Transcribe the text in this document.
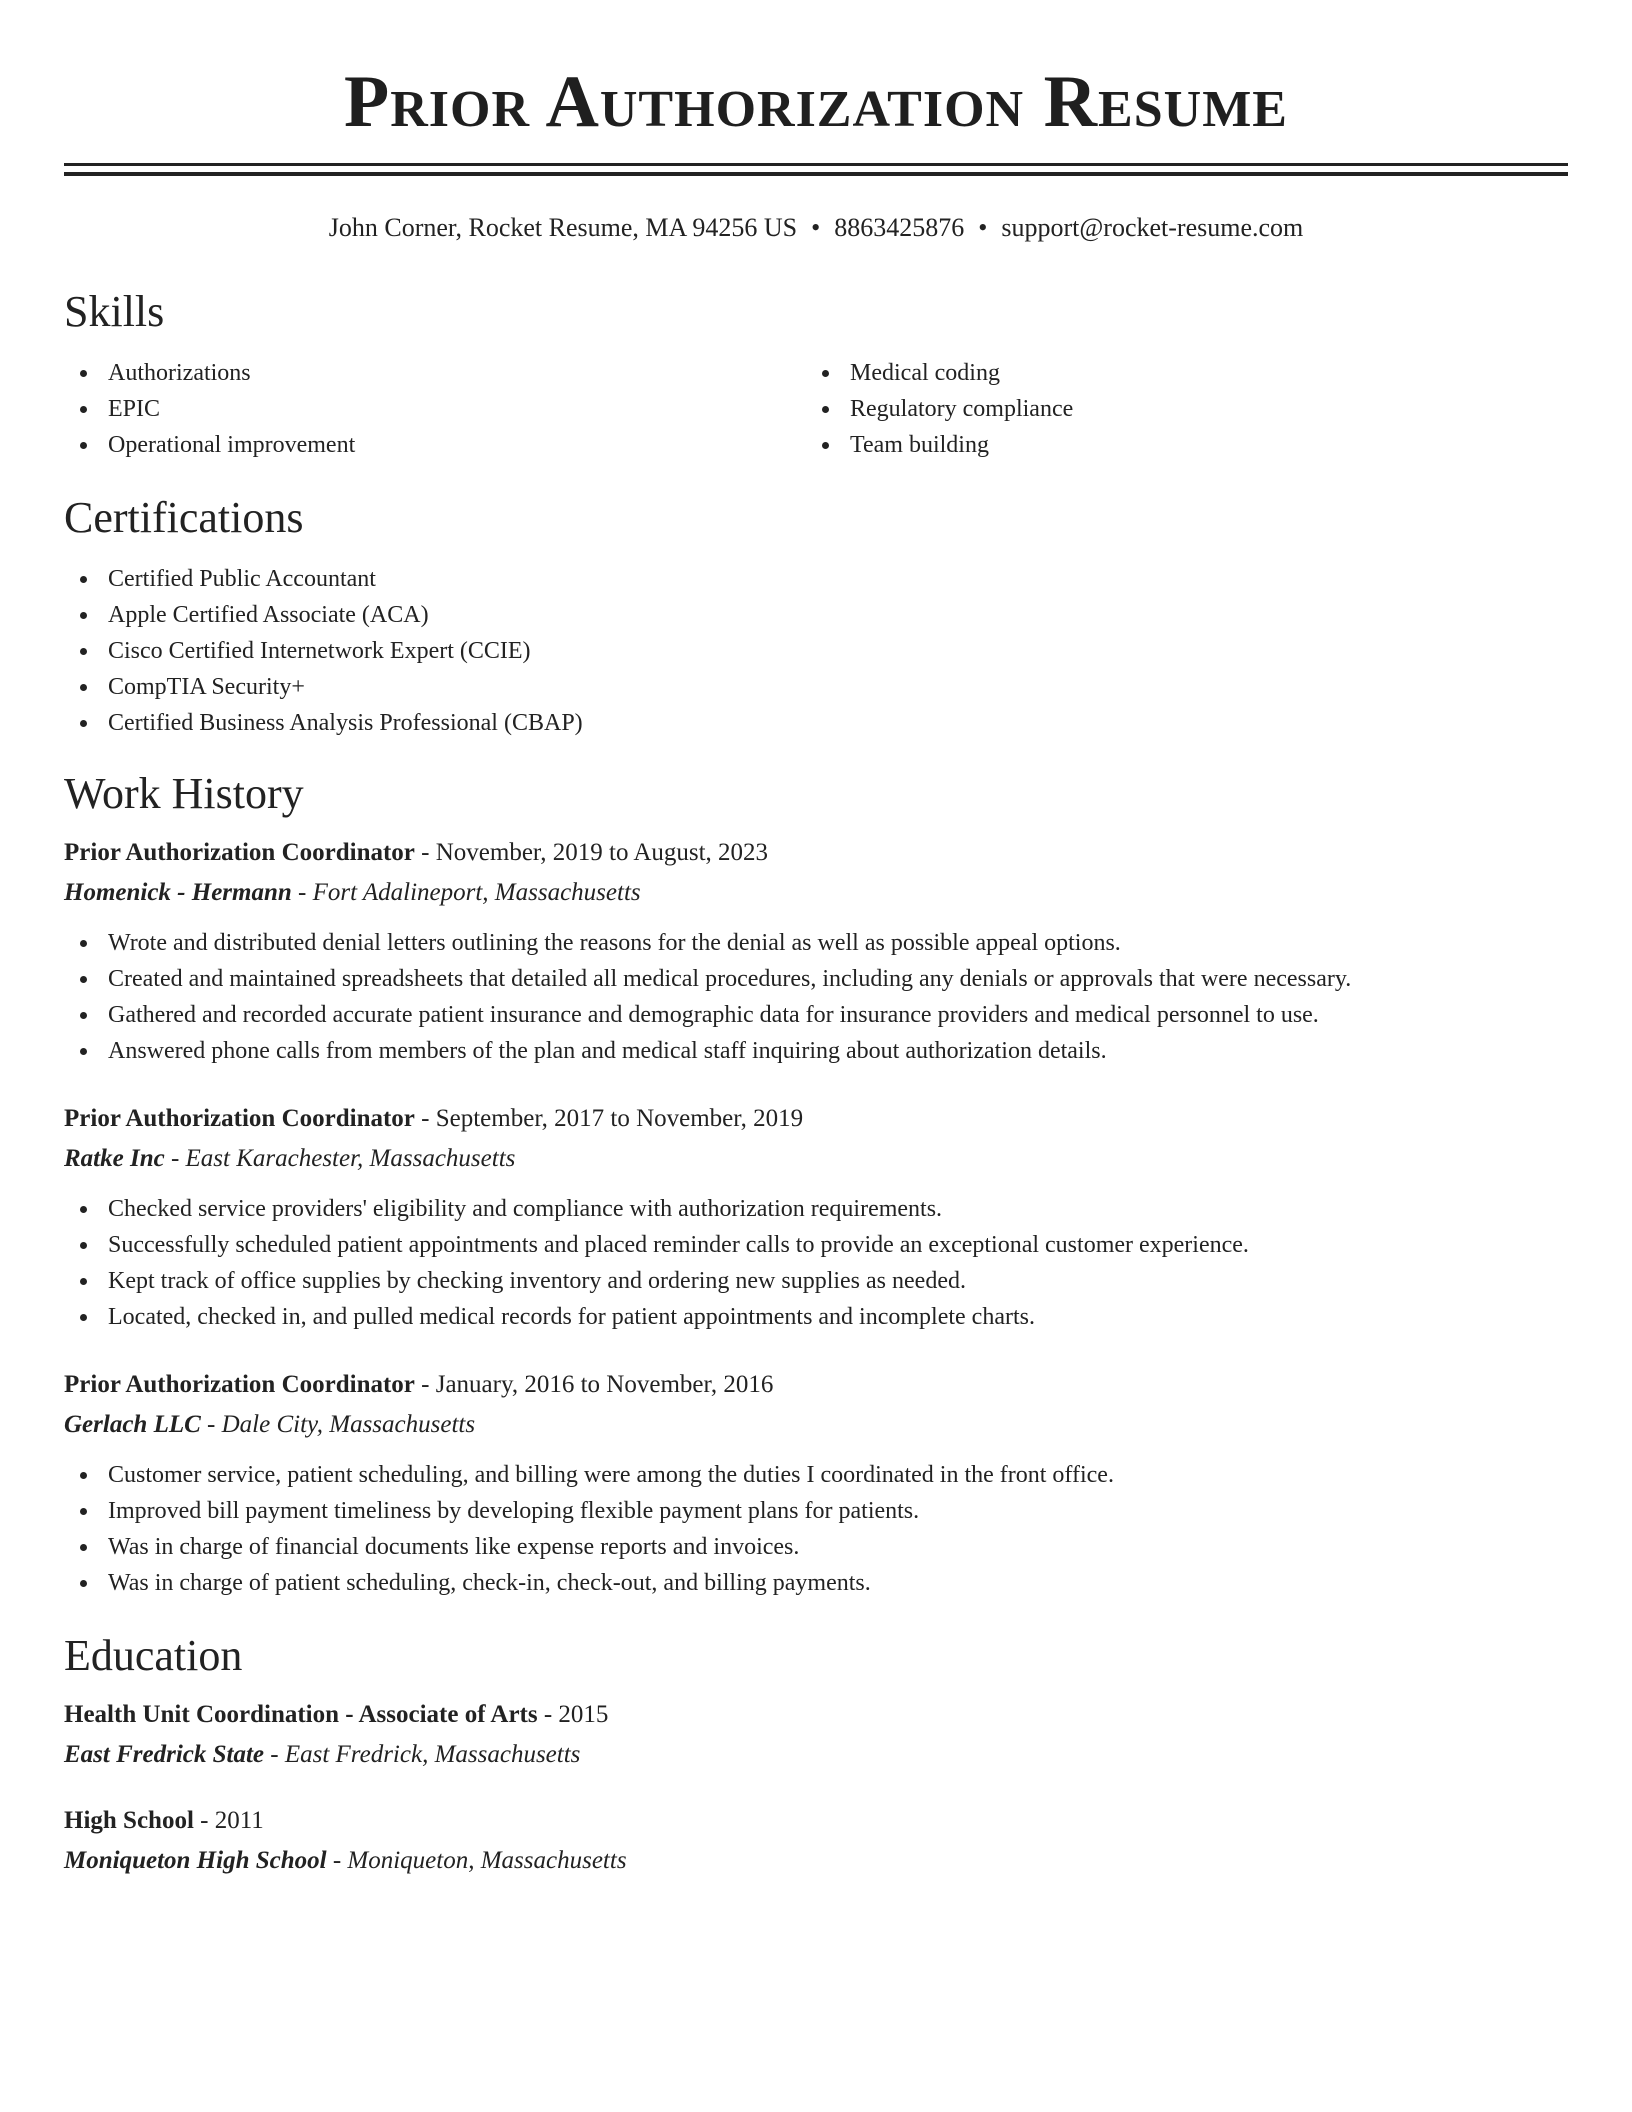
Prior Authorization Resume
John Corner, Rocket Resume, MA 94256 US • 8863425876 • support@rocket-resume.com
Skills
Authorizations
EPIC
Operational improvement
Medical coding
Regulatory compliance
Team building
Certifications
Certified Public Accountant
Apple Certified Associate (ACA)
Cisco Certified Internetwork Expert (CCIE)
CompTIA Security+
Certified Business Analysis Professional (CBAP)
Work History
Prior Authorization Coordinator - November, 2019 to August, 2023
Homenick - Hermann - Fort Adalineport, Massachusetts
Wrote and distributed denial letters outlining the reasons for the denial as well as possible appeal options.
Created and maintained spreadsheets that detailed all medical procedures, including any denials or approvals that were necessary.
Gathered and recorded accurate patient insurance and demographic data for insurance providers and medical personnel to use.
Answered phone calls from members of the plan and medical staff inquiring about authorization details.
Prior Authorization Coordinator - September, 2017 to November, 2019
Ratke Inc - East Karachester, Massachusetts
Checked service providers' eligibility and compliance with authorization requirements.
Successfully scheduled patient appointments and placed reminder calls to provide an exceptional customer experience.
Kept track of office supplies by checking inventory and ordering new supplies as needed.
Located, checked in, and pulled medical records for patient appointments and incomplete charts.
Prior Authorization Coordinator - January, 2016 to November, 2016
Gerlach LLC - Dale City, Massachusetts
Customer service, patient scheduling, and billing were among the duties I coordinated in the front office.
Improved bill payment timeliness by developing flexible payment plans for patients.
Was in charge of financial documents like expense reports and invoices.
Was in charge of patient scheduling, check-in, check-out, and billing payments.
Education
Health Unit Coordination - Associate of Arts - 2015
East Fredrick State - East Fredrick, Massachusetts
High School - 2011
Moniqueton High School - Moniqueton, Massachusetts
